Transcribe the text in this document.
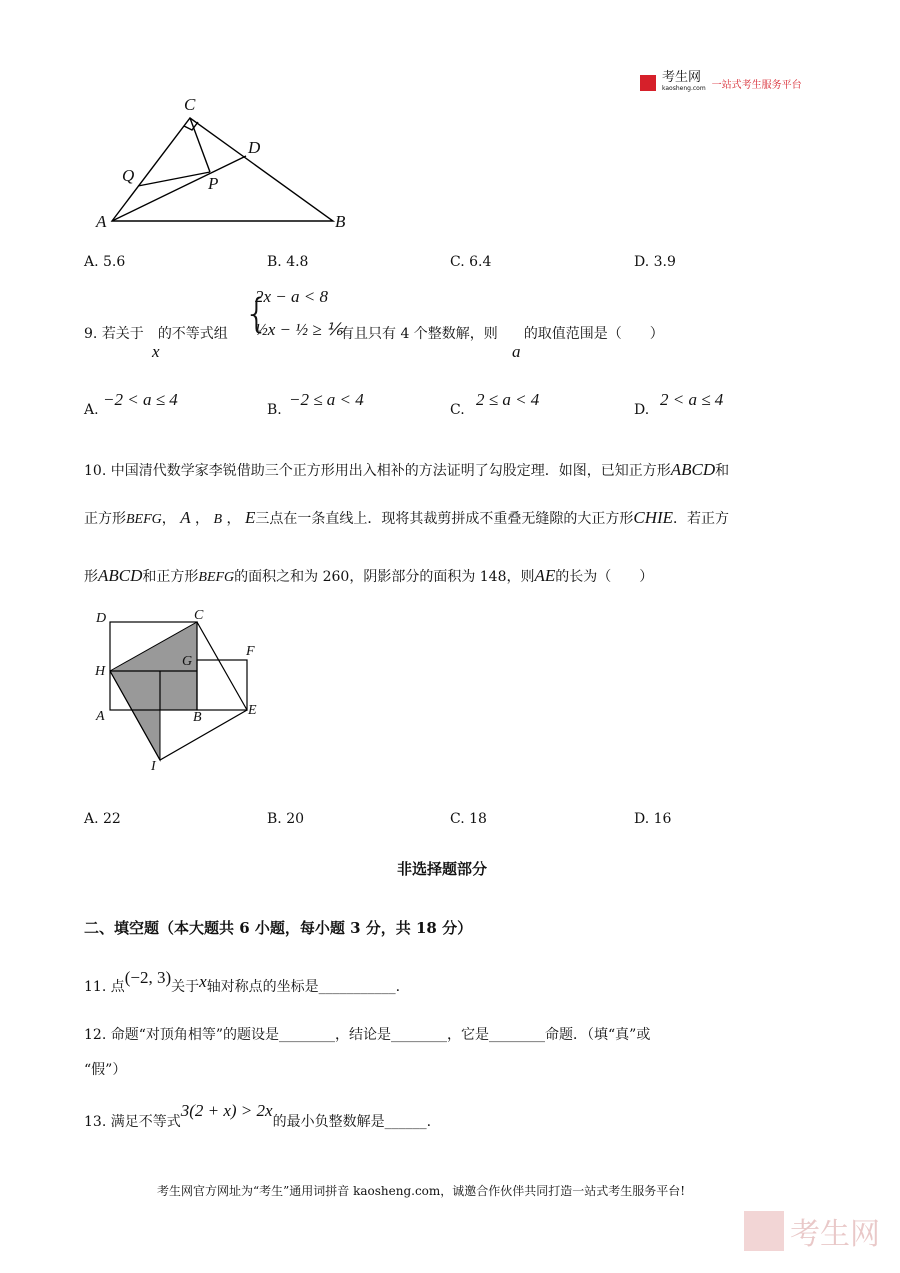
考生网
kaosheng.com 一站式考生服务平台
C
D
Q	P
A	B
A. 5.6	B. 4.8	C. 6.4	D. 3.9
9. 若关于 的不等式组
x
{
2x − a < 8
½x − ½ ≥ ⅙
有且只有 4 个整数解，则 的取值范围是（　　）
a
A.
−2 < a ≤ 4
B.
−2 ≤ a < 4
C.
2 ≤ a < 4
D.
2 < a ≤ 4
10. 中国清代数学家李锐借助三个正方形用出入相补的方法证明了勾股定理．如图，已知正方形ABCD和
正方形BEFG， A ， B ， E三点在一条直线上．现将其裁剪拼成不重叠无缝隙的大正方形CHIE．若正方
形ABCD和正方形BEFG的面积之和为 260，阴影部分的面积为 148，则AE的长为（　　）
D	C
F
H
G
A	B	E
I
A. 22	B. 20	C. 18	D. 16
非选择题部分
二、填空题（本大题共 6 小题，每小题 3 分，共 18 分）
11. 点(−2, 3)关于x轴对称点的坐标是___________.
12. 命题“对顶角相等”的题设是________，结论是________，它是________命题．（填“真”或
“假”）
13. 满足不等式3(2 + x) > 2x的最小负整数解是______.
考生网官方网址为“考生”通用词拼音 kaosheng.com，诚邀合作伙伴共同打造一站式考生服务平台!
考生网
